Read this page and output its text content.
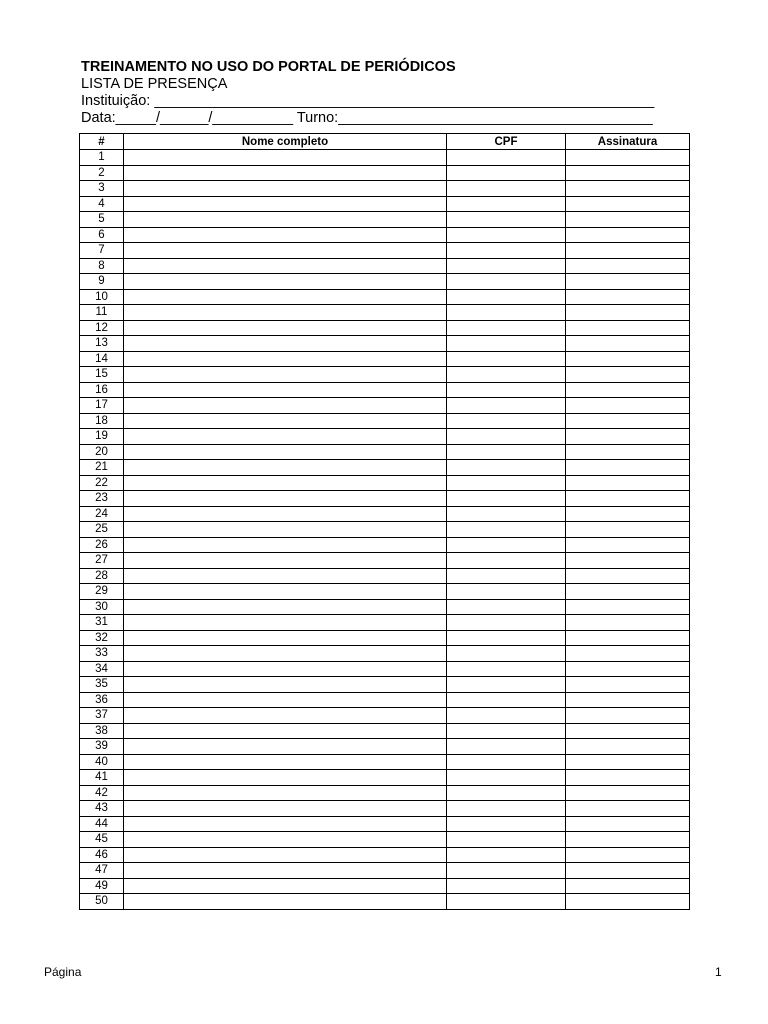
TREINAMENTO NO USO DO PORTAL DE PERIÓDICOS
LISTA DE PRESENÇA
Instituição: ______________________________________________________________
Data:_____/______/__________ Turno:_______________________________________
#	Nome completo	CPF	Assinatura
1			
2			
3			
4			
5			
6			
7			
8			
9			
10			
11			
12			
13			
14			
15			
16			
17			
18			
19			
20			
21			
22			
23			
24			
25			
26			
27			
28			
29			
30			
31			
32			
33			
34			
35			
36			
37			
38			
39			
40			
41			
42			
43			
44			
45			
46			
47			
49			
50			
Página	1
